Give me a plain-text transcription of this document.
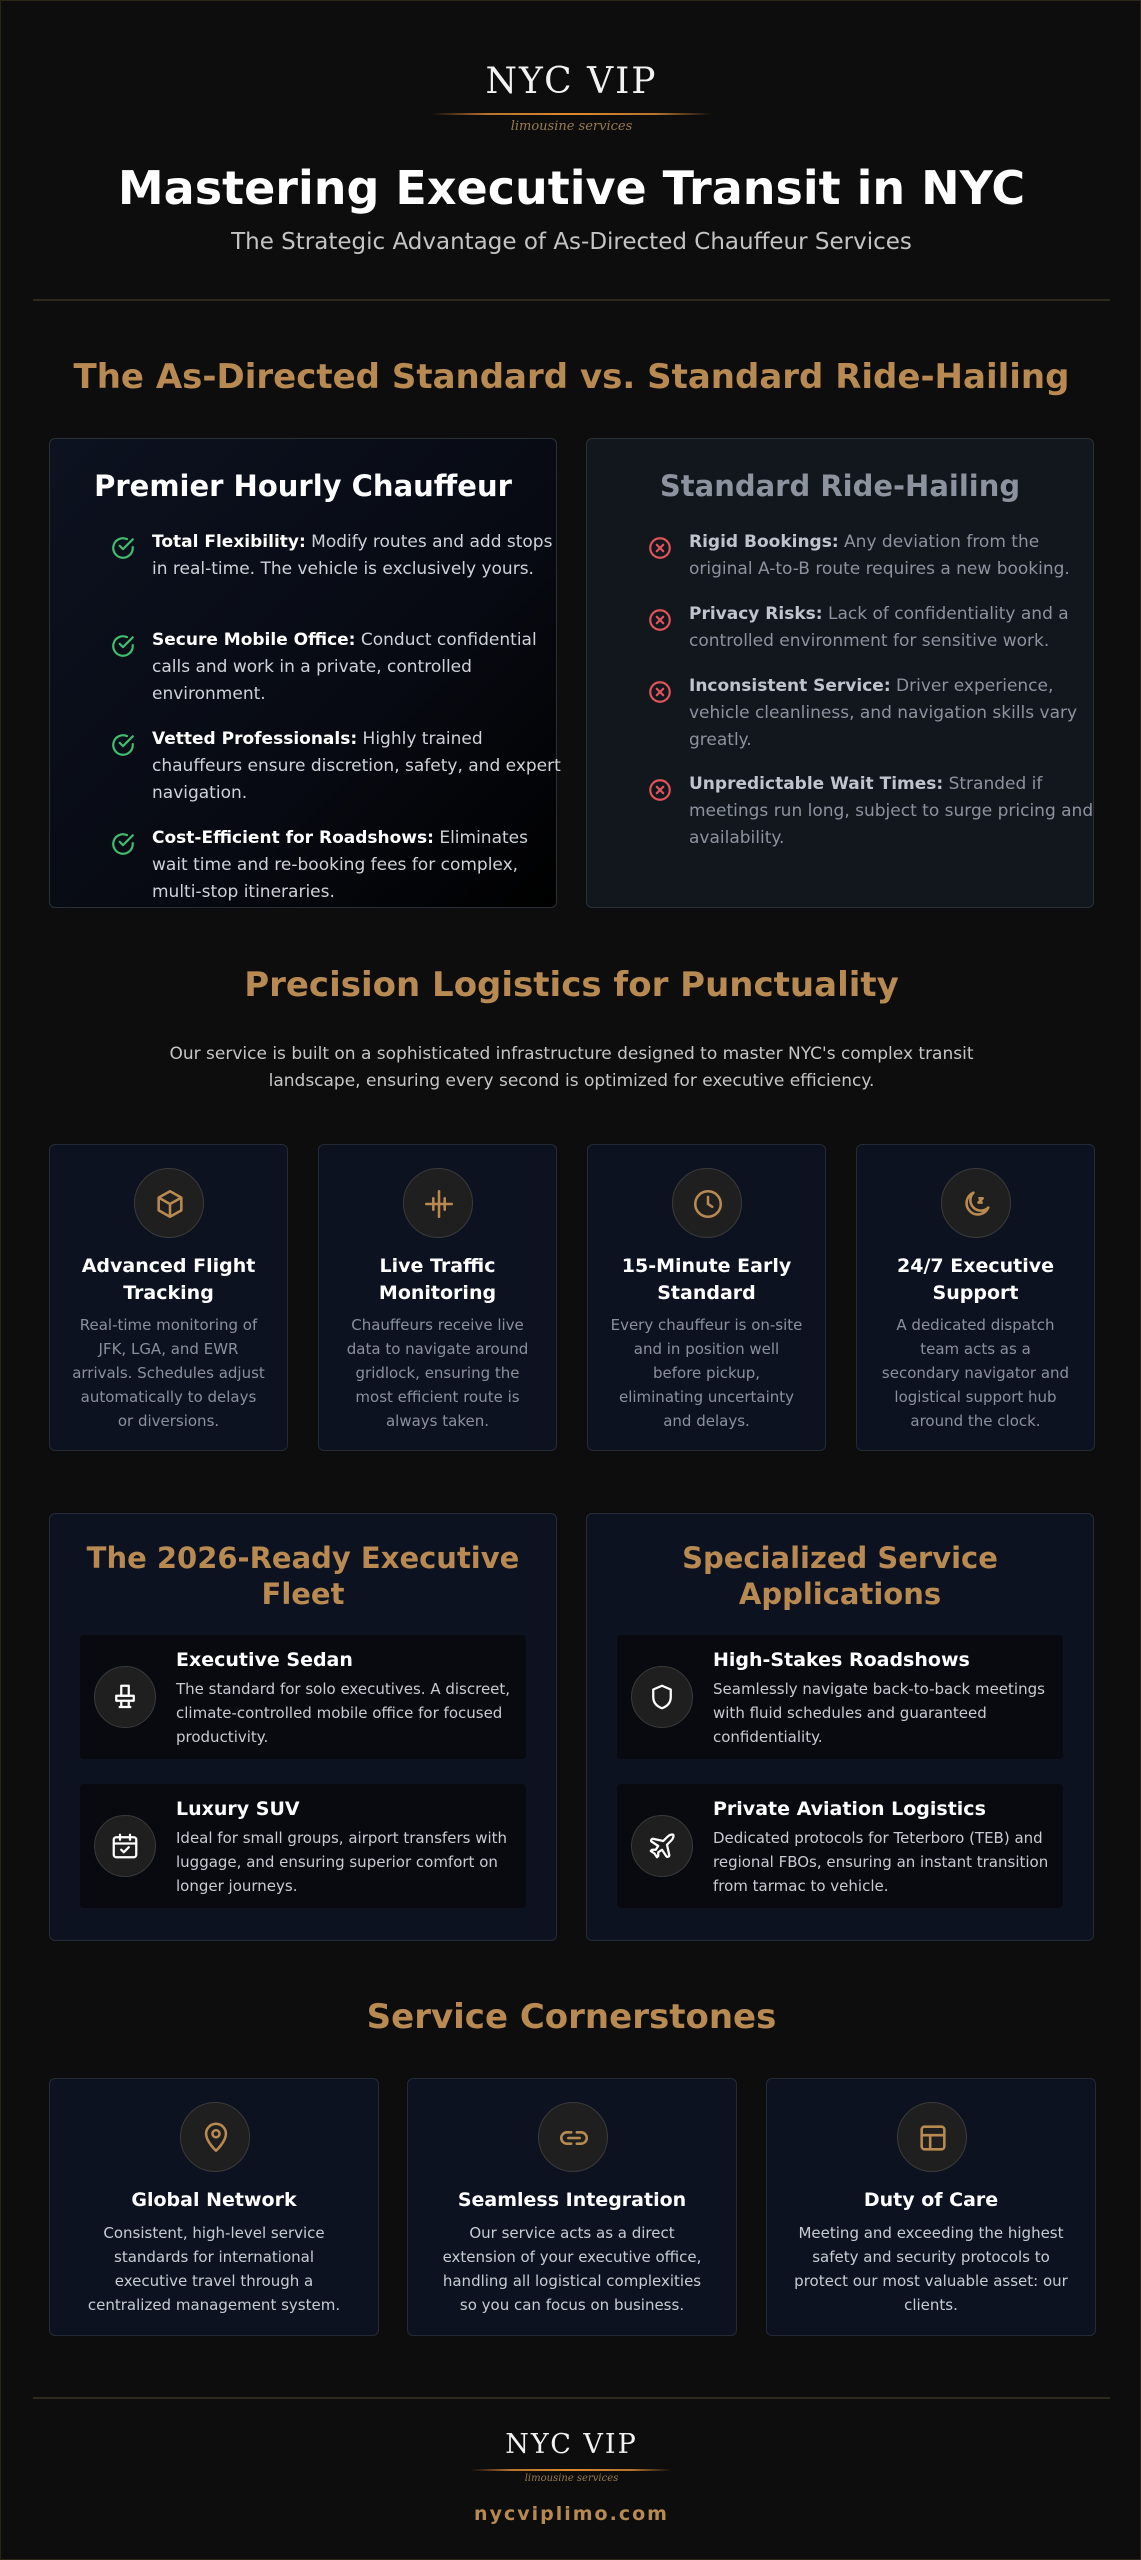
NYC VIP
limousine services
Mastering Executive Transit in NYC
The Strategic Advantage of As-Directed Chauffeur Services
The As-Directed Standard vs. Standard Ride-Hailing
Premier Hourly Chauffeur
Total Flexibility: Modify routes and add stops in real-time. The vehicle is exclusively yours.
Secure Mobile Office: Conduct confidential calls and work in a private, controlled environment.
Vetted Professionals: Highly trained chauffeurs ensure discretion, safety, and expert navigation.
Cost-Efficient for Roadshows: Eliminates wait time and re-booking fees for complex, multi-stop itineraries.
Standard Ride-Hailing
Rigid Bookings: Any deviation from the original A-to-B route requires a new booking.
Privacy Risks: Lack of confidentiality and a controlled environment for sensitive work.
Inconsistent Service: Driver experience, vehicle cleanliness, and navigation skills vary greatly.
Unpredictable Wait Times: Stranded if meetings run long, subject to surge pricing and availability.
Precision Logistics for Punctuality

Our service is built on a sophisticated infrastructure designed to master NYC's complex transit landscape, ensuring every second is optimized for executive efficiency.

Advanced Flight Tracking
Real-time monitoring of JFK, LGA, and EWR arrivals. Schedules adjust automatically to delays or diversions.
Live Traffic Monitoring
Chauffeurs receive live data to navigate around gridlock, ensuring the most efficient route is always taken.
15-Minute Early Standard
Every chauffeur is on-site and in position well before pickup, eliminating uncertainty and delays.
24/7 Executive Support
A dedicated dispatch team acts as a secondary navigator and logistical support hub around the clock.
The 2026-Ready Executive Fleet
Executive Sedan
The standard for solo executives. A discreet, climate-controlled mobile office for focused productivity.
Luxury SUV
Ideal for small groups, airport transfers with luggage, and ensuring superior comfort on longer journeys.
Specialized Service Applications
High-Stakes Roadshows
Seamlessly navigate back-to-back meetings with fluid schedules and guaranteed confidentiality.
Private Aviation Logistics
Dedicated protocols for Teterboro (TEB) and regional FBOs, ensuring an instant transition from tarmac to vehicle.
Service Cornerstones
Global Network
Consistent, high-level service standards for international executive travel through a centralized management system.
Seamless Integration
Our service acts as a direct extension of your executive office, handling all logistical complexities so you can focus on business.
Duty of Care
Meeting and exceeding the highest safety and security protocols to protect our most valuable asset: our clients.
NYC VIP
limousine services
nycviplimo.com
